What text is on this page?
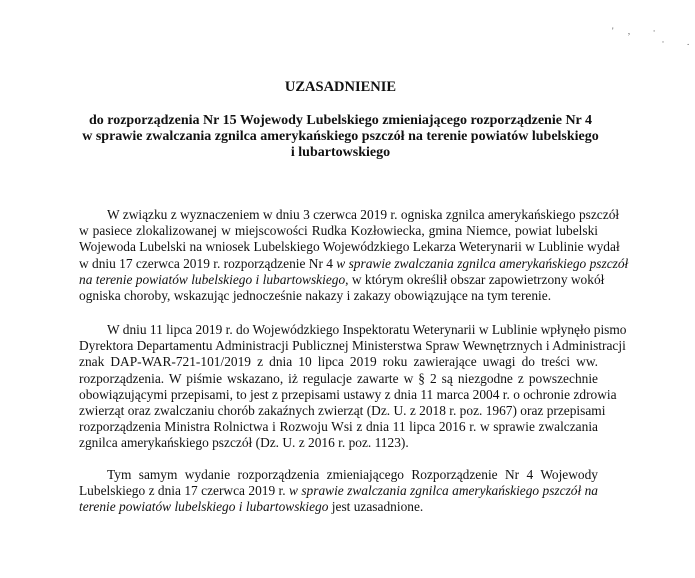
' ,  ·
·  .
UZASADNIENIE
do rozporządzenia Nr 15 Wojewody Lubelskiego zmieniającego rozporządzenie Nr 4
w sprawie zwalczania zgnilca amerykańskiego pszczół na terenie powiatów lubelskiego
i lubartowskiego
W związku z wyznaczeniem w dniu 3 czerwca 2019 r. ogniska zgnilca amerykańskiego pszczół
w pasiece zlokalizowanej w miejscowości Rudka Kozłowiecka, gmina Niemce, powiat lubelski
Wojewoda Lubelski na wniosek Lubelskiego Wojewódzkiego Lekarza Weterynarii w Lublinie wydał
w dniu 17 czerwca 2019 r. rozporządzenie Nr 4 w sprawie zwalczania zgnilca amerykańskiego pszczół
na terenie powiatów lubelskiego i lubartowskiego, w którym określił obszar zapowietrzony wokół
ogniska choroby, wskazując jednocześnie nakazy i zakazy obowiązujące na tym terenie.
W dniu 11 lipca 2019 r. do Wojewódzkiego Inspektoratu Weterynarii w Lublinie wpłynęło pismo
Dyrektora Departamentu Administracji Publicznej Ministerstwa Spraw Wewnętrznych i Administracji
znak DAP-WAR-721-101/2019 z dnia 10 lipca 2019 roku zawierające uwagi do treści ww.
rozporządzenia. W piśmie wskazano, iż regulacje zawarte w § 2 są niezgodne z powszechnie
obowiązującymi przepisami, to jest z przepisami ustawy z dnia 11 marca 2004 r. o ochronie zdrowia
zwierząt oraz zwalczaniu chorób zakaźnych zwierząt (Dz. U. z 2018 r. poz. 1967) oraz przepisami
rozporządzenia Ministra Rolnictwa i Rozwoju Wsi z dnia 11 lipca 2016 r. w sprawie zwalczania
zgnilca amerykańskiego pszczół (Dz. U. z 2016 r. poz. 1123).
Tym samym wydanie rozporządzenia zmieniającego Rozporządzenie Nr 4 Wojewody
Lubelskiego z dnia 17 czerwca 2019 r. w sprawie zwalczania zgnilca amerykańskiego pszczół na
terenie powiatów lubelskiego i lubartowskiego jest uzasadnione.
